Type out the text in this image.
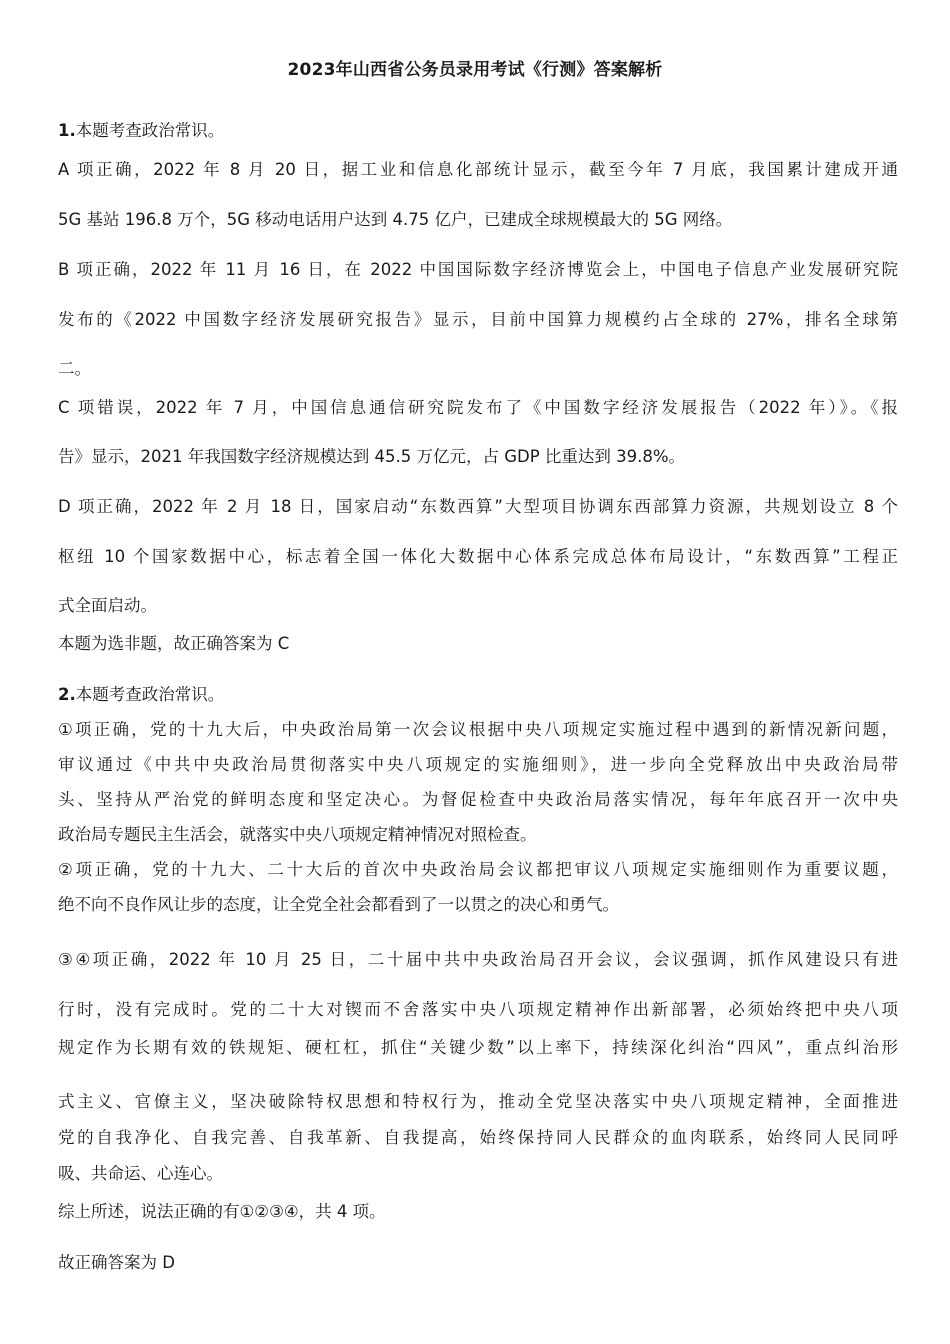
2023年山西省公务员录用考试《行测》答案解析
1.本题考查政治常识。
A 项正确，2022 年 8 月 20 日，据工业和信息化部统计显示，截至今年 7 月底，我国累计建成开通
5G 基站 196.8 万个，5G 移动电话用户达到 4.75 亿户，已建成全球规模最大的 5G 网络。
B 项正确，2022 年 11 月 16 日，在 2022 中国国际数字经济博览会上，中国电子信息产业发展研究院
发布的《2022 中国数字经济发展研究报告》显示，目前中国算力规模约占全球的 27%，排名全球第
二。
C 项错误，2022 年 7 月，中国信息通信研究院发布了《中国数字经济发展报告（2022 年）》。《报
告》显示，2021 年我国数字经济规模达到 45.5 万亿元，占 GDP 比重达到 39.8%。
D 项正确，2022 年 2 月 18 日，国家启动“东数西算”大型项目协调东西部算力资源，共规划设立 8 个
枢纽 10 个国家数据中心，标志着全国一体化大数据中心体系完成总体布局设计，“东数西算”工程正
式全面启动。
本题为选非题，故正确答案为 C
2.本题考查政治常识。
①项正确，党的十九大后，中央政治局第一次会议根据中央八项规定实施过程中遇到的新情况新问题，
审议通过《中共中央政治局贯彻落实中央八项规定的实施细则》，进一步向全党释放出中央政治局带
头、坚持从严治党的鲜明态度和坚定决心。为督促检查中央政治局落实情况，每年年底召开一次中央
政治局专题民主生活会，就落实中央八项规定精神情况对照检查。
②项正确，党的十九大、二十大后的首次中央政治局会议都把审议八项规定实施细则作为重要议题，
绝不向不良作风让步的态度，让全党全社会都看到了一以贯之的决心和勇气。
③④项正确，2022 年 10 月 25 日，二十届中共中央政治局召开会议，会议强调，抓作风建设只有进
行时，没有完成时。党的二十大对锲而不舍落实中央八项规定精神作出新部署，必须始终把中央八项
规定作为长期有效的铁规矩、硬杠杠，抓住“关键少数”以上率下，持续深化纠治“四风”，重点纠治形
式主义、官僚主义，坚决破除特权思想和特权行为，推动全党坚决落实中央八项规定精神，全面推进
党的自我净化、自我完善、自我革新、自我提高，始终保持同人民群众的血肉联系，始终同人民同呼
吸、共命运、心连心。
综上所述，说法正确的有①②③④，共 4 项。
故正确答案为 D
